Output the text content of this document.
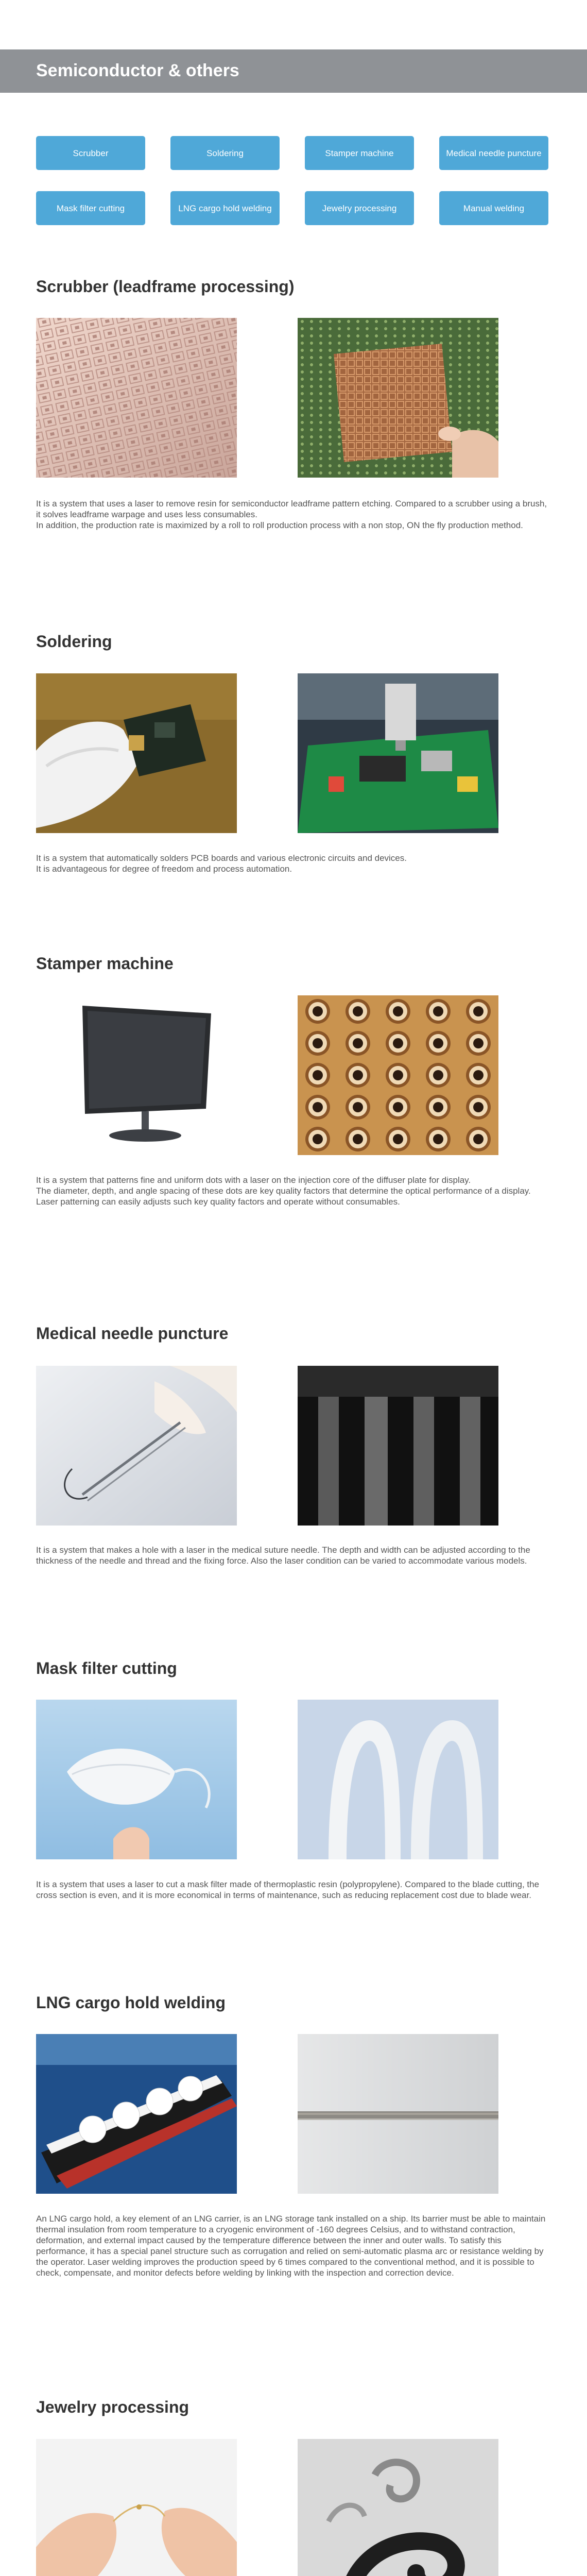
Semiconductor & others
Scrubber	Soldering	Stamper machine	Medical needle puncture
Mask filter cutting	LNG cargo hold welding	Jewelry processing	Manual welding
Scrubber (leadframe processing)

It is a system that uses a laser to remove resin for semiconductor leadframe pattern etching. Compared to a scrubber using a brush, it solves leadframe warpage and uses less consumables.

In addition, the production rate is maximized by a roll to roll production process with a non stop, ON the fly production method.

Soldering

It is a system that automatically solders PCB boards and various electronic circuits and devices.

It is advantageous for degree of freedom and process automation.

Stamper machine

It is a system that patterns fine and uniform dots with a laser on the injection core of the diffuser plate for display.

The diameter, depth, and angle spacing of these dots are key quality factors that determine the optical performance of a display.

Laser patterning can easily adjusts such key quality factors and operate without consumables.

Medical needle puncture

It is a system that makes a hole with a laser in the medical suture needle. The depth and width can be adjusted according to the thickness of the needle and thread and the fixing force. Also the laser condition can be varied to accommodate various models.

Mask filter cutting

It is a system that uses a laser to cut a mask filter made of thermoplastic resin (polypropylene). Compared to the blade cutting, the cross section is even, and it is more economical in terms of maintenance, such as reducing replacement cost due to blade wear.

LNG cargo hold welding

An LNG cargo hold, a key element of an LNG carrier, is an LNG storage tank installed on a ship. Its barrier must be able to maintain thermal insulation from room temperature to a cryogenic environment of -160 degrees Celsius, and to withstand contraction, deformation, and external impact caused by the temperature difference between the inner and outer walls. To satisfy this performance, it has a special panel structure such as corrugation and relied on semi-automatic plasma arc or resistance welding by the operator. Laser welding improves the production speed by 6 times compared to the conventional method, and it is possible to check, compensate, and monitor defects before welding by linking with the inspection and correction device.

Jewelry processing
